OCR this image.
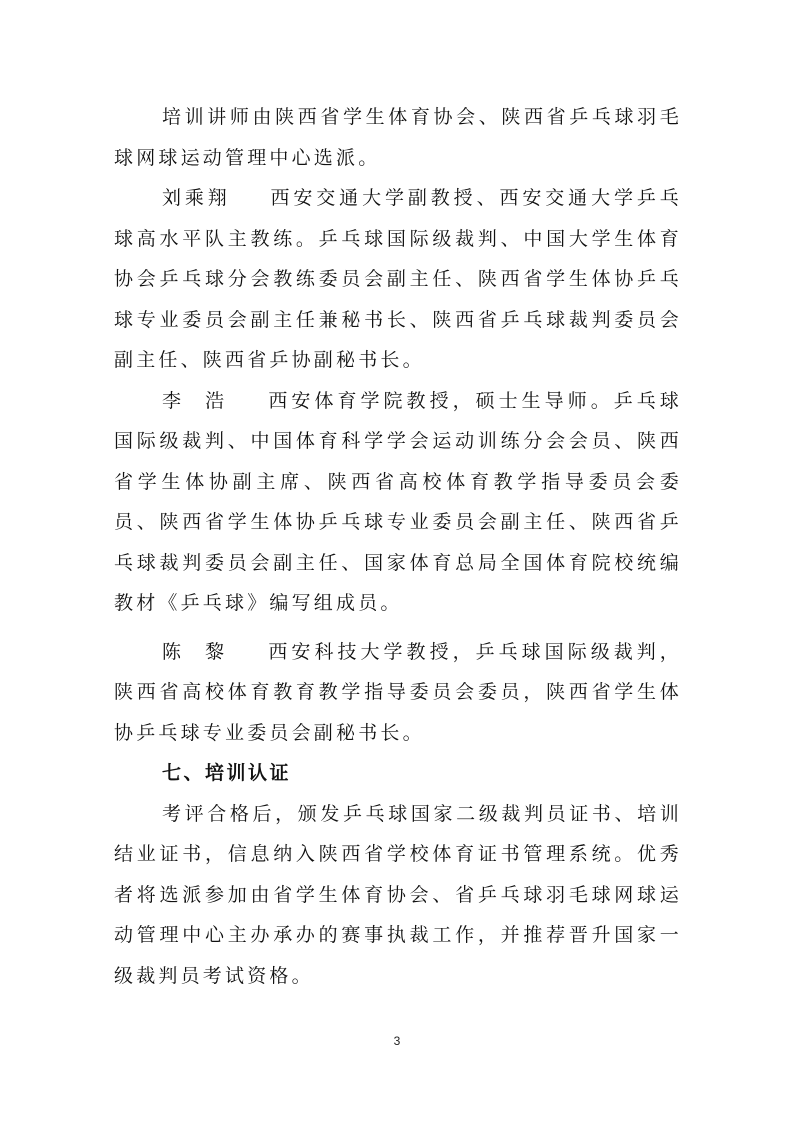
培训讲师由陕西省学生体育协会、陕西省乒乓球羽毛球网球运动管理中心选派。

刘乘翔    西安交通大学副教授、西安交通大学乒乓球高水平队主教练。乒乓球国际级裁判、中国大学生体育协会乒乓球分会教练委员会副主任、陕西省学生体协乒乓球专业委员会副主任兼秘书长、陕西省乒乓球裁判委员会副主任、陕西省乒协副秘书长。

李  浩    西安体育学院教授，硕士生导师。乒乓球国际级裁判、中国体育科学学会运动训练分会会员、陕西省学生体协副主席、陕西省高校体育教学指导委员会委员、陕西省学生体协乒乓球专业委员会副主任、陕西省乒乓球裁判委员会副主任、国家体育总局全国体育院校统编教材《乒乓球》编写组成员。

陈  黎    西安科技大学教授，乒乓球国际级裁判，陕西省高校体育教育教学指导委员会委员，陕西省学生体协乒乓球专业委员会副秘书长。

七、培训认证

考评合格后，颁发乒乓球国家二级裁判员证书、培训结业证书，信息纳入陕西省学校体育证书管理系统。优秀者将选派参加由省学生体育协会、省乒乓球羽毛球网球运动管理中心主办承办的赛事执裁工作，并推荐晋升国家一级裁判员考试资格。

3
